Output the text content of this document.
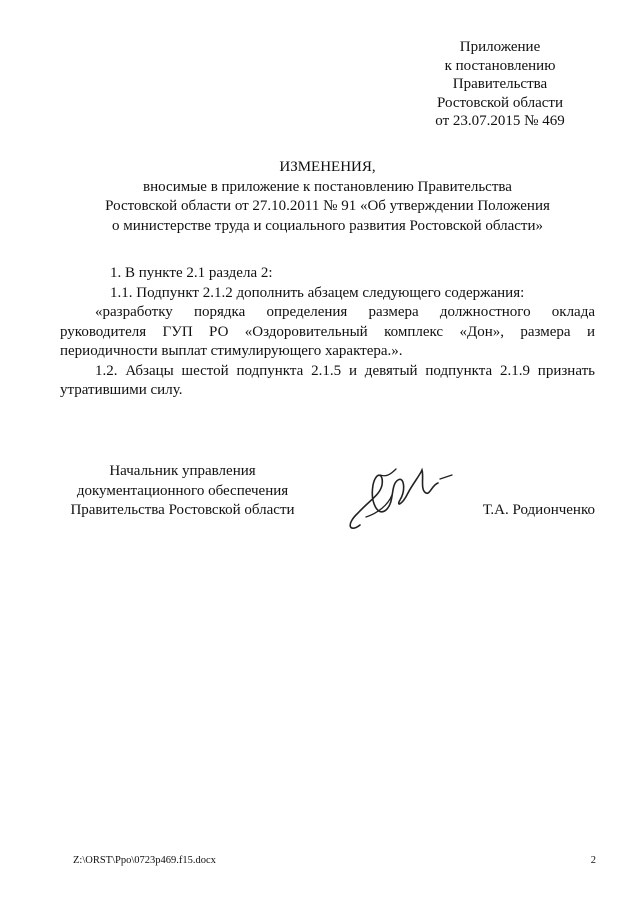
Приложение
к постановлению
Правительства
Ростовской области
от 23.07.2015 № 469
ИЗМЕНЕНИЯ,
вносимые в приложение к постановлению Правительства
Ростовской области от 27.10.2011 № 91 «Об утверждении Положения
о министерстве труда и социального развития Ростовской области»
1. В пункте 2.1 раздела 2:
1.1. Подпункт 2.1.2 дополнить абзацем следующего содержания:
«разработку порядка определения размера должностного оклада руководителя ГУП РО «Оздоровительный комплекс «Дон», размера и периодичности выплат стимулирующего характера.».
1.2. Абзацы шестой подпункта 2.1.5 и девятый подпункта 2.1.9 признать утратившими силу.
Начальник управления
документационного обеспечения
Правительства Ростовской области	Т.А. Родионченко
Z:\ORST\Ppo\0723p469.f15.docx	2
